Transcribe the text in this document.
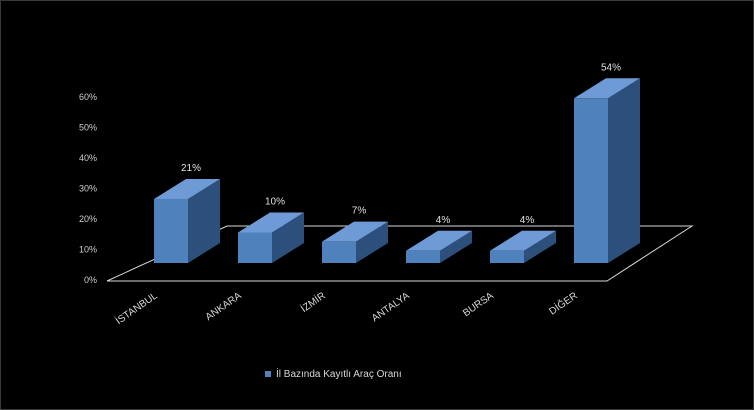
0%
10%
20%
30%
40%
50%
60%
21%
İSTANBUL
10%
ANKARA
7%
İZMİR
4%
ANTALYA
4%
BURSA
54%
DİĞER
İl Bazında Kayıtlı Araç Oranı
